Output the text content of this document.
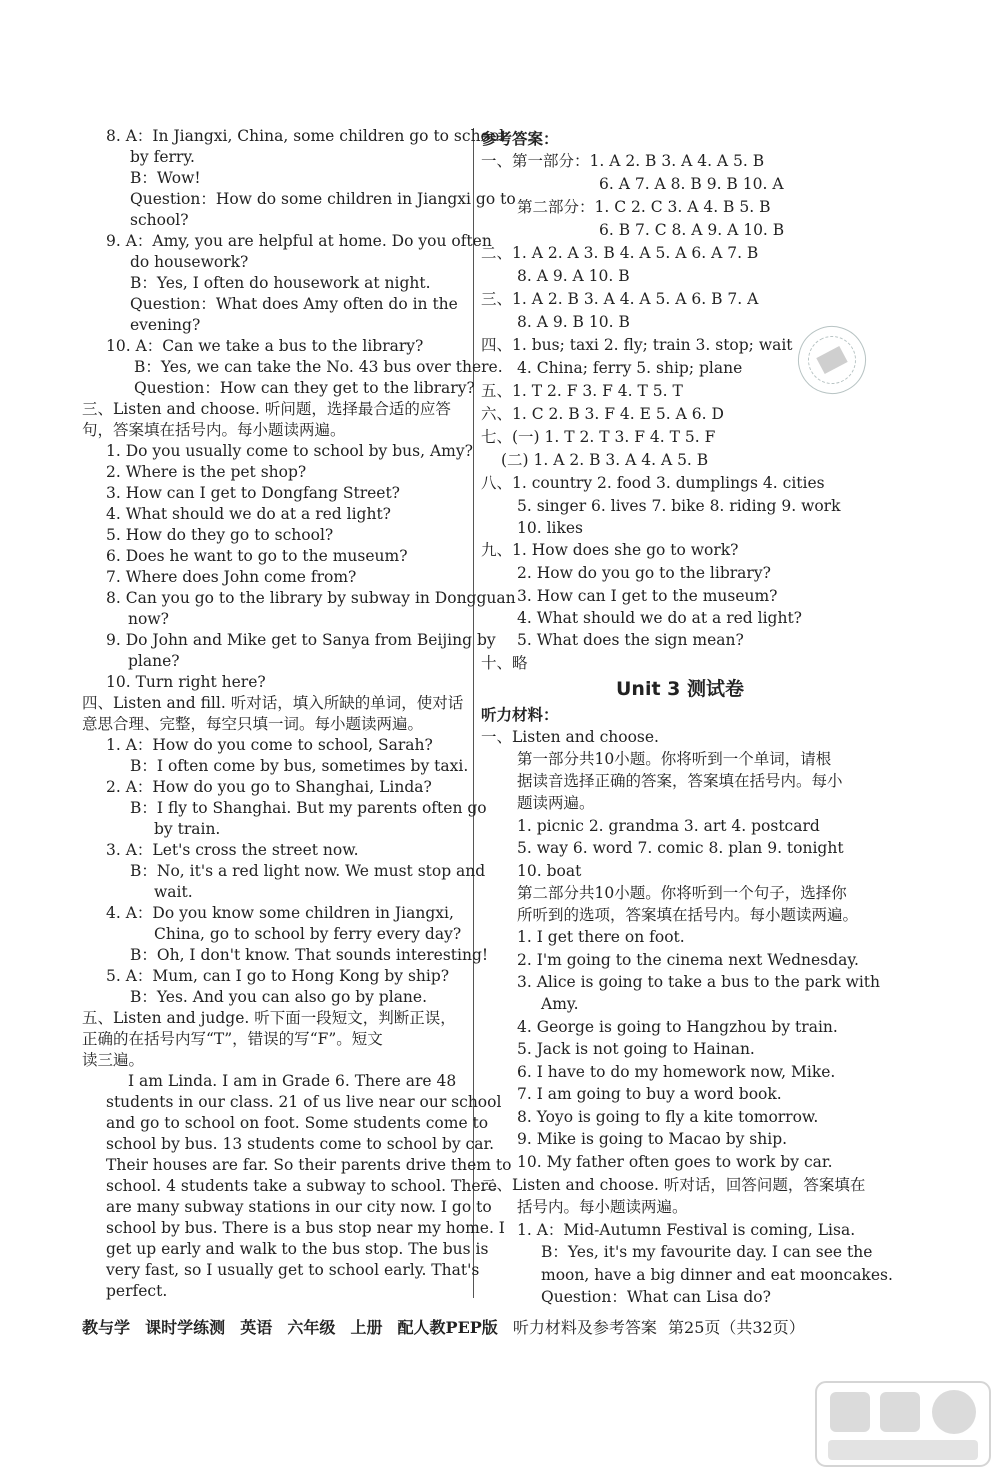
8. A：In Jiangxi, China, some children go to school
by ferry.
B：Wow!
Question：How do some children in Jiangxi go to
school?
9. A：Amy, you are helpful at home. Do you often
do housework?
B：Yes, I often do housework at night.
Question：What does Amy often do in the
evening?
10. A：Can we take a bus to the library?
B：Yes, we can take the No. 43 bus over there.
Question：How can they get to the library?
三、Listen and choose. 听问题，选择最合适的应答
句，答案填在括号内。每小题读两遍。
1. Do you usually come to school by bus, Amy?
2. Where is the pet shop?
3. How can I get to Dongfang Street?
4. What should we do at a red light?
5. How do they go to school?
6. Does he want to go to the museum?
7. Where does John come from?
8. Can you go to the library by subway in Dongguan
now?
9. Do John and Mike get to Sanya from Beijing by
plane?
10. Turn right here?
四、Listen and fill. 听对话，填入所缺的单词，使对话
意思合理、完整，每空只填一词。每小题读两遍。
1. A：How do you come to school, Sarah?
B：I often come by bus, sometimes by taxi.
2. A：How do you go to Shanghai, Linda?
B：I fly to Shanghai. But my parents often go
by train.
3. A：Let's cross the street now.
B：No, it's a red light now. We must stop and
wait.
4. A：Do you know some children in Jiangxi,
China, go to school by ferry every day?
B：Oh, I don't know. That sounds interesting!
5. A：Mum, can I go to Hong Kong by ship?
B：Yes. And you can also go by plane.
五、Listen and judge. 听下面一段短文，判断正误，
正确的在括号内写“T”，错误的写“F”。短文
读三遍。
I am Linda. I am in Grade 6. There are 48
students in our class. 21 of us live near our school
and go to school on foot. Some students come to
school by bus. 13 students come to school by car.
Their houses are far. So their parents drive them to
school. 4 students take a subway to school. There
are many subway stations in our city now. I go to
school by bus. There is a bus stop near my home. I
get up early and walk to the bus stop. The bus is
very fast, so I usually get to school early. That's
perfect.
参考答案：
一、第一部分：1. A 2. B 3. A 4. A 5. B
6. A 7. A 8. B 9. B 10. A
第二部分：1. C 2. C 3. A 4. B 5. B
6. B 7. C 8. A 9. A 10. B
二、1. A 2. A 3. B 4. A 5. A 6. A 7. B
8. A 9. A 10. B
三、1. A 2. B 3. A 4. A 5. A 6. B 7. A
8. A 9. B 10. B
四、1. bus; taxi 2. fly; train 3. stop; wait
4. China; ferry 5. ship; plane
五、1. T 2. F 3. F 4. T 5. T
六、1. C 2. B 3. F 4. E 5. A 6. D
七、(一) 1. T 2. T 3. F 4. T 5. F
(二) 1. A 2. B 3. A 4. A 5. B
八、1. country 2. food 3. dumplings 4. cities
5. singer 6. lives 7. bike 8. riding 9. work
10. likes
九、1. How does she go to work?
2. How do you go to the library?
3. How can I get to the museum?
4. What should we do at a red light?
5. What does the sign mean?
十、略
Unit 3 测试卷
听力材料：
一、Listen and choose.
第一部分共10小题。你将听到一个单词，请根
据读音选择正确的答案，答案填在括号内。每小
题读两遍。
1. picnic 2. grandma 3. art 4. postcard
5. way 6. word 7. comic 8. plan 9. tonight
10. boat
第二部分共10小题。你将听到一个句子，选择你
所听到的选项，答案填在括号内。每小题读两遍。
1. I get there on foot.
2. I'm going to the cinema next Wednesday.
3. Alice is going to take a bus to the park with
Amy.
4. George is going to Hangzhou by train.
5. Jack is not going to Hainan.
6. I have to do my homework now, Mike.
7. I am going to buy a word book.
8. Yoyo is going to fly a kite tomorrow.
9. Mike is going to Macao by ship.
10. My father often goes to work by car.
二、Listen and choose. 听对话，回答问题，答案填在
括号内。每小题读两遍。
1. A：Mid-Autumn Festival is coming, Lisa.
B：Yes, it's my favourite day. I can see the
moon, have a big dinner and eat mooncakes.
Question：What can Lisa do?
教与学 课时学练测 英语 六年级 上册 配人教PEP版 听力材料及参考答案 第25页（共32页）
